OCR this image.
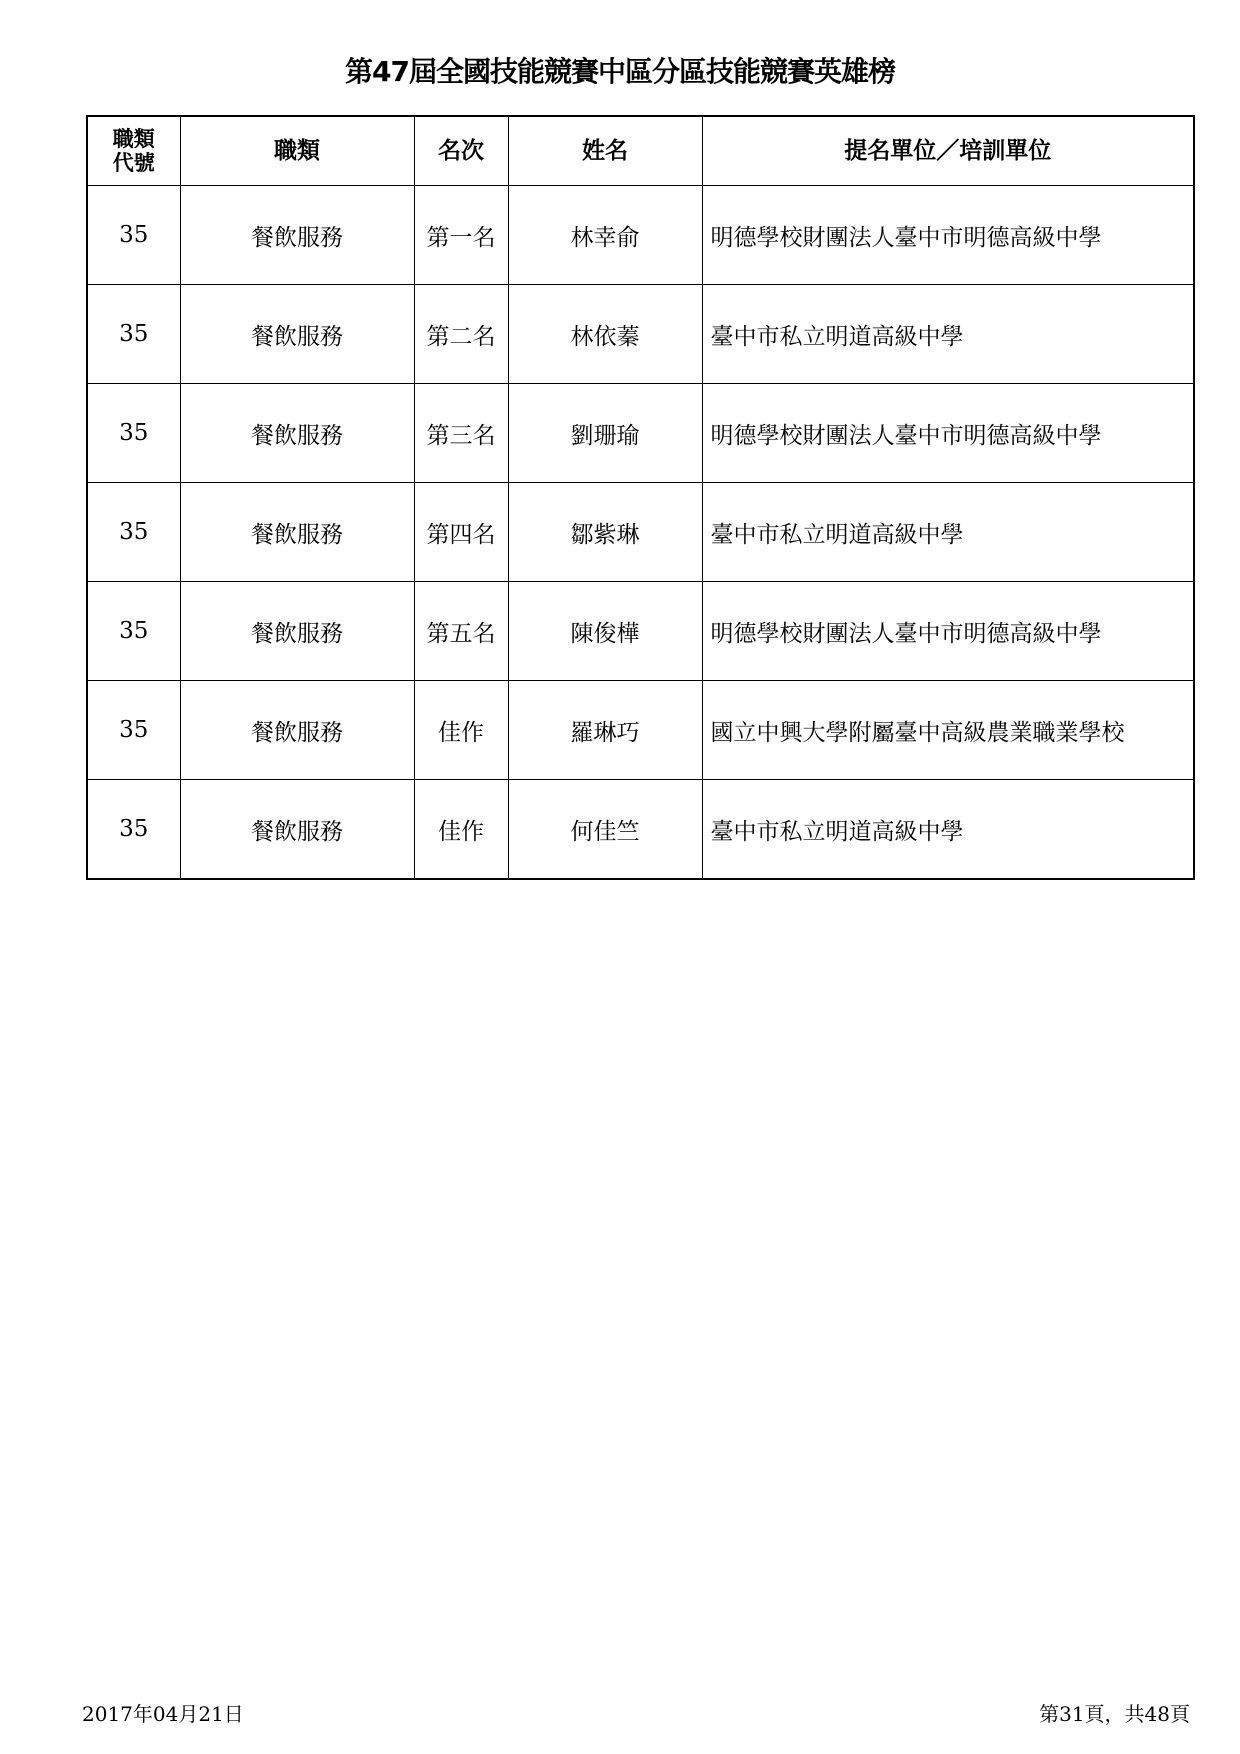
第47屆全國技能競賽中區分區技能競賽英雄榜
職類
代號	職類	名次	姓名	提名單位／培訓單位
35	餐飲服務	第一名	林幸俞	明德學校財團法人臺中市明德高級中學
35	餐飲服務	第二名	林依蓁	臺中市私立明道高級中學
35	餐飲服務	第三名	劉珊瑜	明德學校財團法人臺中市明德高級中學
35	餐飲服務	第四名	鄒紫琳	臺中市私立明道高級中學
35	餐飲服務	第五名	陳俊樺	明德學校財團法人臺中市明德高級中學
35	餐飲服務	佳作	羅琳巧	國立中興大學附屬臺中高級農業職業學校
35	餐飲服務	佳作	何佳竺	臺中市私立明道高級中學
2017年04月21日	第31頁，共48頁
